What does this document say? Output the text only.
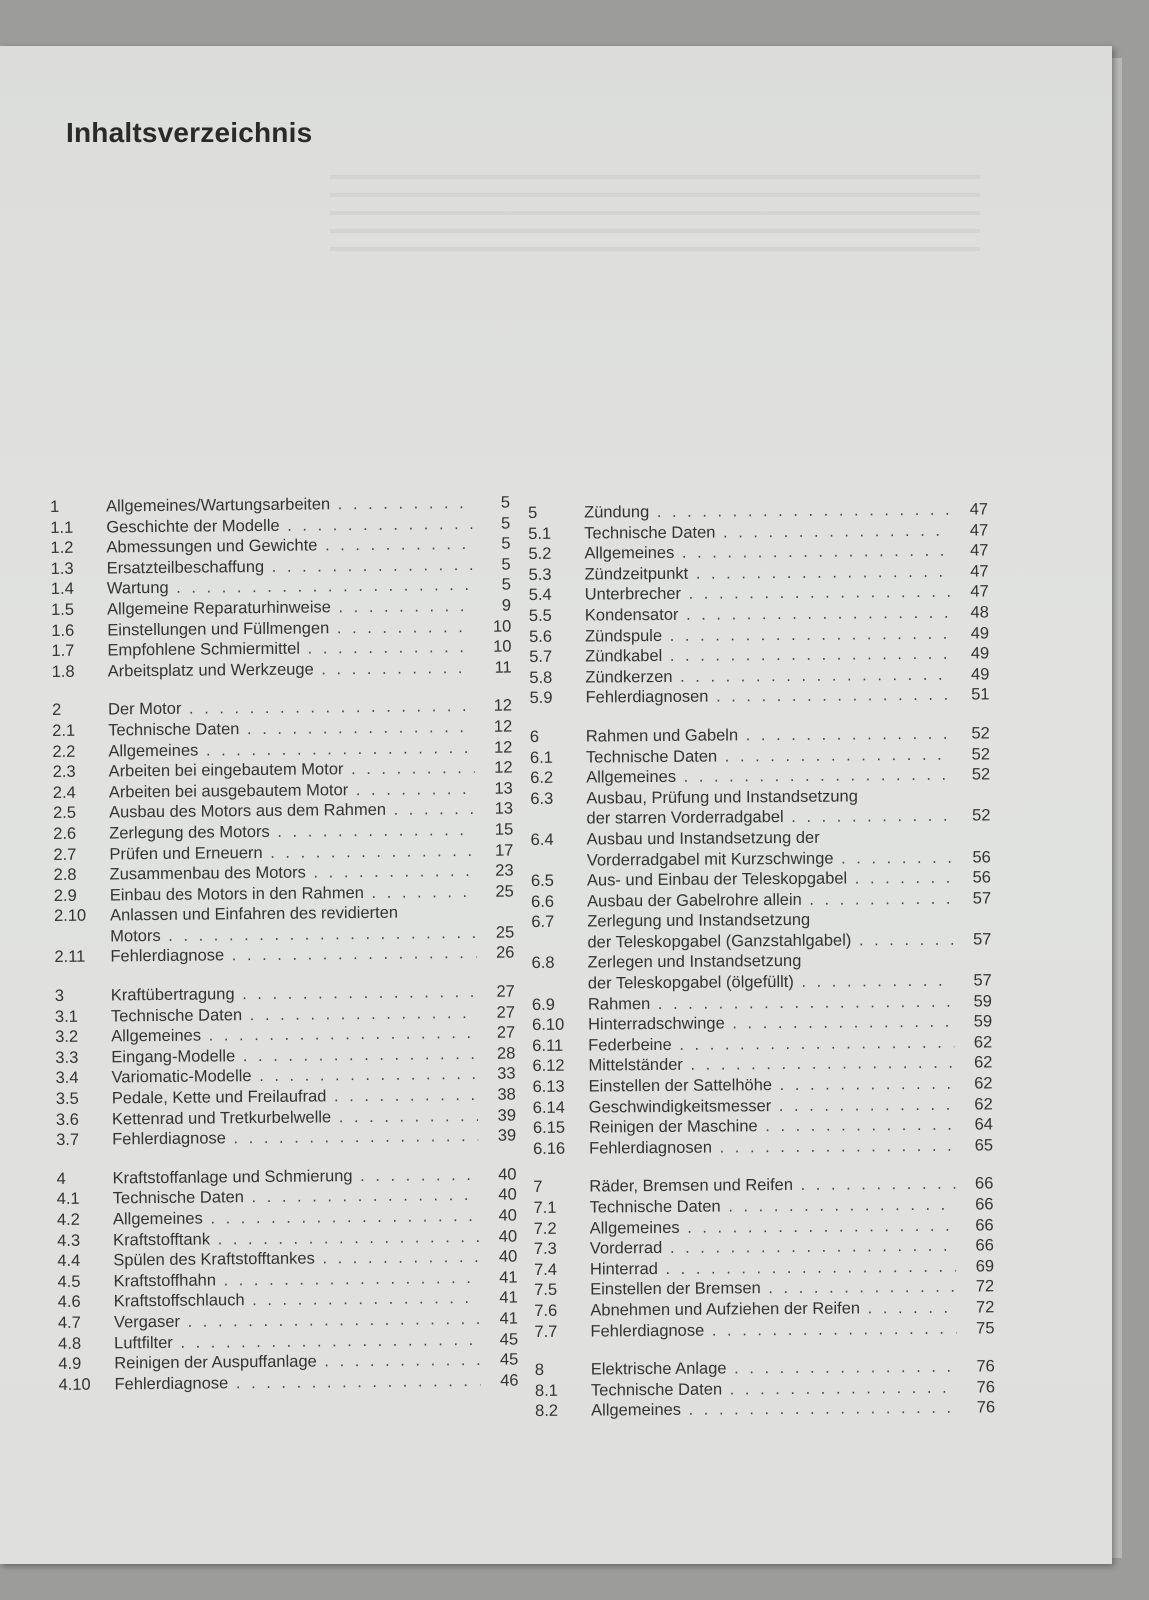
Inhaltsverzeichnis
1	Allgemeines/Wartungsarbeiten . . .	5
1.1	Geschichte der Modelle . . .	5
1.2	Abmessungen und Gewichte . . .	5
1.3	Ersatzteilbeschaffung . . .	5
1.4	Wartung . . .	5
1.5	Allgemeine Reparaturhinweise . . .	9
1.6	Einstellungen und Füllmengen . . .	10
1.7	Empfohlene Schmiermittel . . .	10
1.8	Arbeitsplatz und Werkzeuge . . .	11
2	Der Motor . . .	12
2.1	Technische Daten . . .	12
2.2	Allgemeines . . .	12
2.3	Arbeiten bei eingebautem Motor . . .	12
2.4	Arbeiten bei ausgebautem Motor . . .	13
2.5	Ausbau des Motors aus dem Rahmen . . .	13
2.6	Zerlegung des Motors . . .	15
2.7	Prüfen und Erneuern . . .	17
2.8	Zusammenbau des Motors . . .	23
2.9	Einbau des Motors in den Rahmen . . .	25
2.10	Anlassen und Einfahren des revidierten
Motors . . .	25
2.11	Fehlerdiagnose . . .	26
3	Kraftübertragung . . .	27
3.1	Technische Daten . . .	27
3.2	Allgemeines . . .	27
3.3	Eingang-Modelle . . .	28
3.4	Variomatic-Modelle . . .	33
3.5	Pedale, Kette und Freilaufrad . . .	38
3.6	Kettenrad und Tretkurbelwelle . . .	39
3.7	Fehlerdiagnose . . .	39
4	Kraftstoffanlage und Schmierung . . .	40
4.1	Technische Daten . . .	40
4.2	Allgemeines . . .	40
4.3	Kraftstofftank . . .	40
4.4	Spülen des Kraftstofftankes . . .	40
4.5	Kraftstoffhahn . . .	41
4.6	Kraftstoffschlauch . . .	41
4.7	Vergaser . . .	41
4.8	Luftfilter . . .	45
4.9	Reinigen der Auspuffanlage . . .	45
4.10	Fehlerdiagnose . . .	46
5	Zündung . . .	47
5.1	Technische Daten . . .	47
5.2	Allgemeines . . .	47
5.3	Zündzeitpunkt . . .	47
5.4	Unterbrecher . . .	47
5.5	Kondensator . . .	48
5.6	Zündspule . . .	49
5.7	Zündkabel . . .	49
5.8	Zündkerzen . . .	49
5.9	Fehlerdiagnosen . . .	51
6	Rahmen und Gabeln . . .	52
6.1	Technische Daten . . .	52
6.2	Allgemeines . . .	52
6.3	Ausbau, Prüfung und Instandsetzung
der starren Vorderradgabel . . .	52
6.4	Ausbau und Instandsetzung der
Vorderradgabel mit Kurzschwinge . . .	56
6.5	Aus- und Einbau der Teleskopgabel . . .	56
6.6	Ausbau der Gabelrohre allein . . .	57
6.7	Zerlegung und Instandsetzung
der Teleskopgabel (Ganzstahlgabel) . . .	57
6.8	Zerlegen und Instandsetzung
der Teleskopgabel (ölgefüllt) . . .	57
6.9	Rahmen . . .	59
6.10	Hinterradschwinge . . .	59
6.11	Federbeine . . .	62
6.12	Mittelständer . . .	62
6.13	Einstellen der Sattelhöhe . . .	62
6.14	Geschwindigkeitsmesser . . .	62
6.15	Reinigen der Maschine . . .	64
6.16	Fehlerdiagnosen . . .	65
7	Räder, Bremsen und Reifen . . .	66
7.1	Technische Daten . . .	66
7.2	Allgemeines . . .	66
7.3	Vorderrad . . .	66
7.4	Hinterrad . . .	69
7.5	Einstellen der Bremsen . . .	72
7.6	Abnehmen und Aufziehen der Reifen . . .	72
7.7	Fehlerdiagnose . . .	75
8	Elektrische Anlage . . .	76
8.1	Technische Daten . . .	76
8.2	Allgemeines . . .	76
